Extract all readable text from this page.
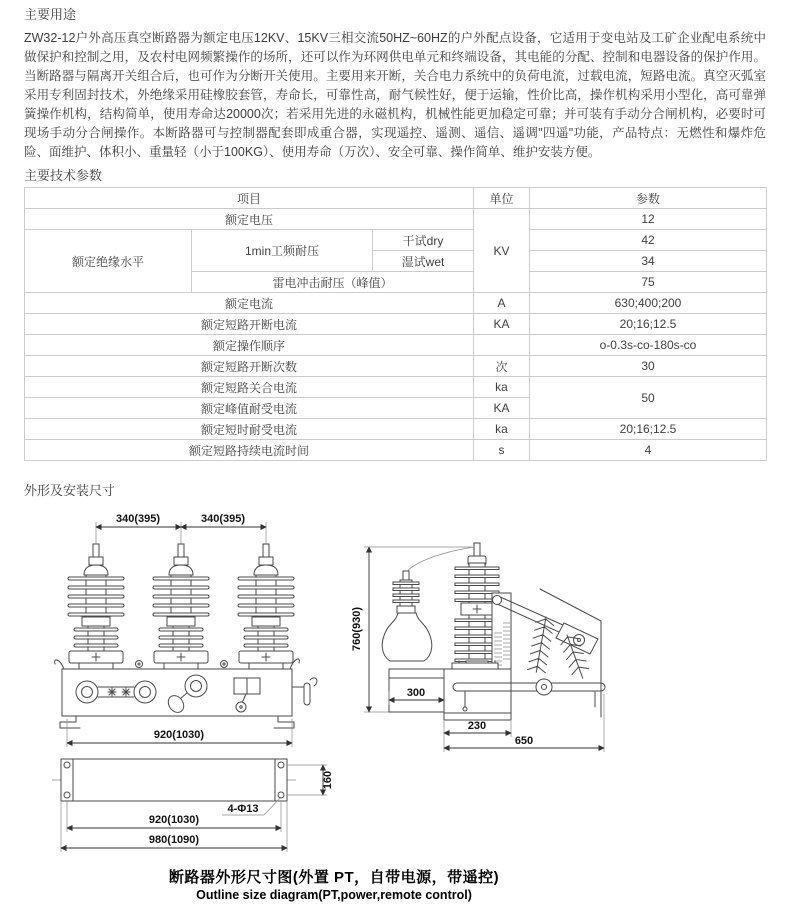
主要用途

ZW32-12户外高压真空断路器为额定电压12KV、15KV三相交流50HZ~60HZ的户外配点设备，它适用于变电站及工矿企业配电系统中做保护和控制之用，及农村电网频繁操作的场所，还可以作为环网供电单元和终端设备，其电能的分配、控制和电器设备的保护作用。当断路器与隔离开关组合后，也可作为分断开关使用。主要用来开断，关合电力系统中的负荷电流，过载电流，短路电流。真空灭弧室采用专利固封技术，外绝缘采用硅橡胶套管，寿命长，可靠性高，耐气候性好，便于运输，性价比高，操作机构采用小型化，高可靠弹簧操作机构，结构简单，使用寿命达20000次；若采用先进的永磁机构，机械性能更加稳定可靠；并可装有手动分合闸机构，必要时可现场手动分合闸操作。本断路器可与控制器配套即成重合器，实现遥控、遥测、遥信、遥调"四遥"功能，产品特点：无燃性和爆炸危险、面维护、体积小、重量轻（小于100KG）、使用寿命（万次）、安全可靠、操作简单、维护安装方便。

主要技术参数
项目			单位	参数
额定电压			KV	12
额定绝缘水平	1min工频耐压	干试dry		42
		湿试wet		34
	雷电冲击耐压（峰值）			75
额定电流			A	630;400;200
额定短路开断电流			KA	20;16;12.5
额定操作顺序				o-0.3s-co-180s-co
额定短路开断次数			次	30
额定短路关合电流			ka	50
额定峰值耐受电流			KA	
额定短时耐受电流			ka	20;16;12.5
额定短路持续电流时间			s	4
外形及安装尺寸
340(395)	340(395)
920(1030)
160
4-Φ13
920(1030)
980(1090)
760(930)
300
230
650
断路器外形尺寸图(外置 PT，自带电源，带遥控)
Outline size diagram(PT,power,remote control)
